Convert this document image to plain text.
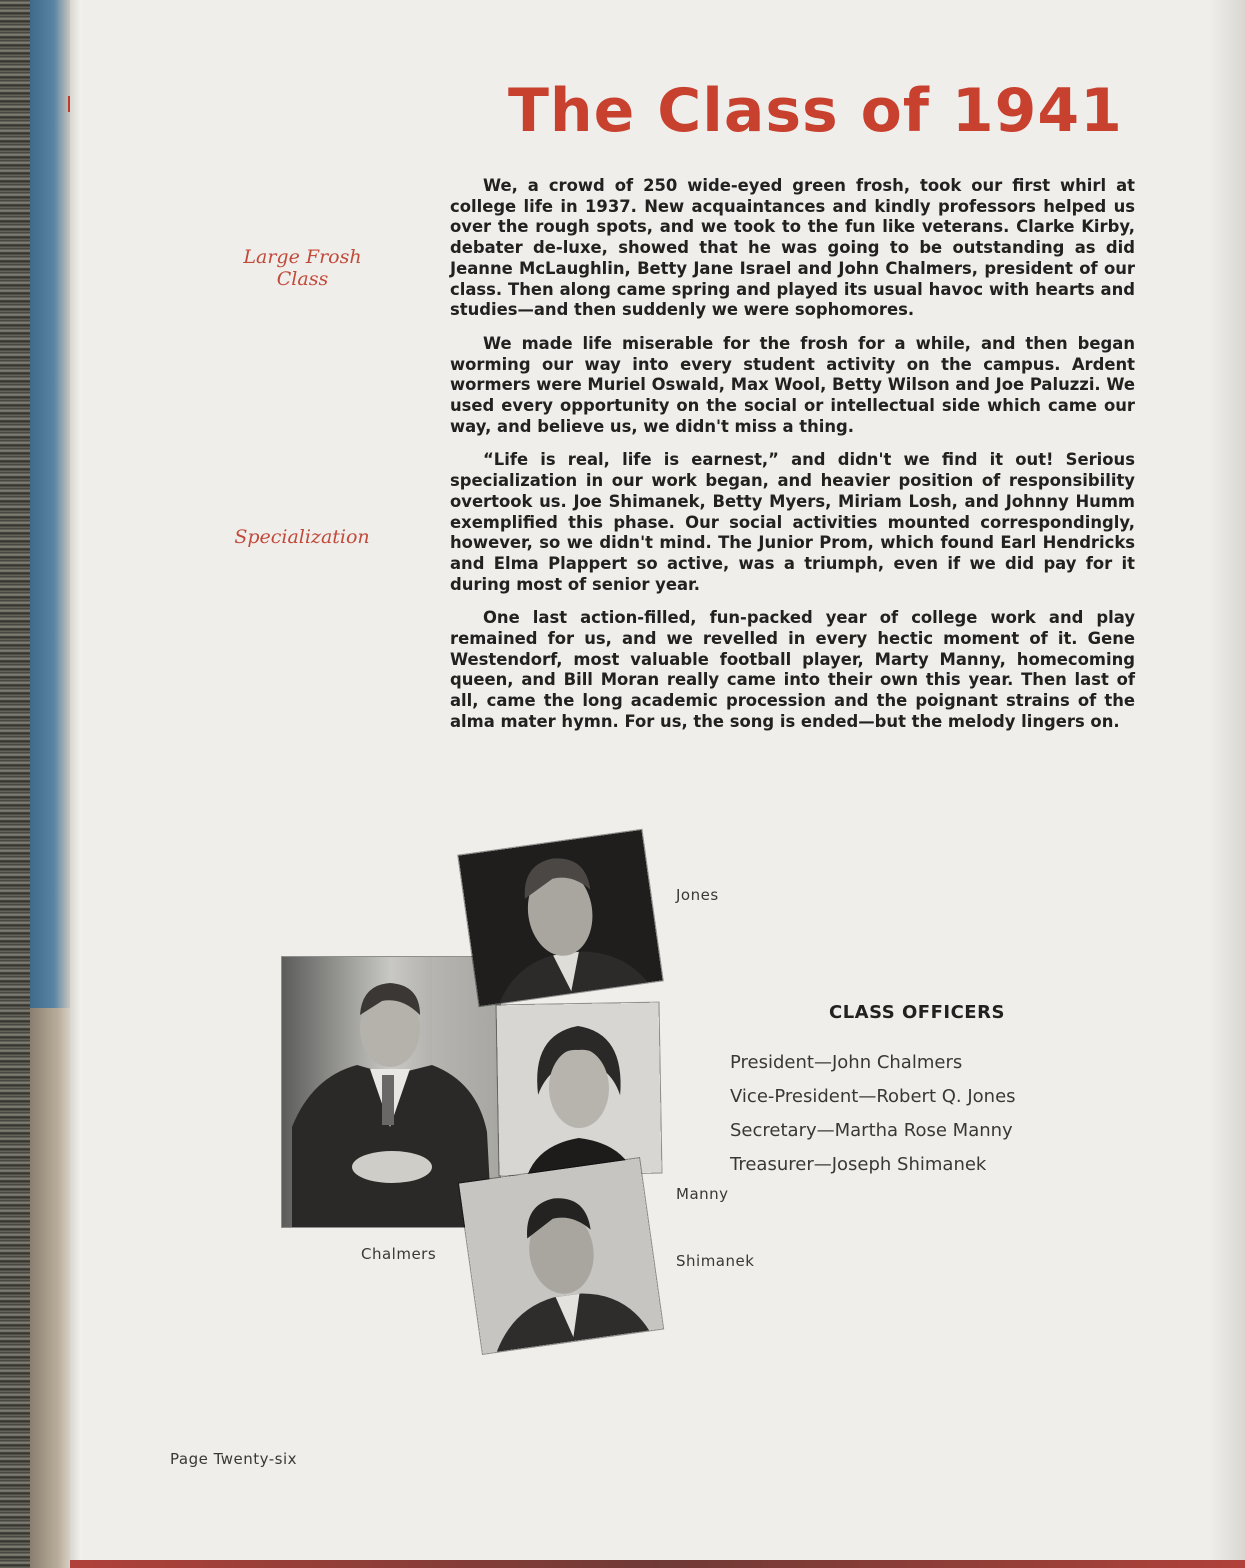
The Class of 1941
Large Frosh Class
Specialization

We, a crowd of 250 wide-eyed green frosh, took our first whirl at college life in 1937. New acquaintances and kindly professors helped us over the rough spots, and we took to the fun like veterans. Clarke Kirby, debater de-luxe, showed that he was going to be outstanding as did Jeanne McLaughlin, Betty Jane Israel and John Chalmers, president of our class. Then along came spring and played its usual havoc with hearts and studies—and then suddenly we were sophomores.

We made life miserable for the frosh for a while, and then began worming our way into every student activity on the campus. Ardent wormers were Muriel Oswald, Max Wool, Betty Wilson and Joe Paluzzi. We used every opportunity on the social or intellectual side which came our way, and believe us, we didn't miss a thing.

“Life is real, life is earnest,” and didn't we find it out! Serious specialization in our work began, and heavier position of responsibility overtook us. Joe Shimanek, Betty Myers, Miriam Losh, and Johnny Humm exemplified this phase. Our social activities mounted correspondingly, however, so we didn't mind. The Junior Prom, which found Earl Hendricks and Elma Plappert so active, was a triumph, even if we did pay for it during most of senior year.

One last action-filled, fun-packed year of college work and play remained for us, and we revelled in every hectic moment of it. Gene Westendorf, most valuable football player, Marty Manny, homecoming queen, and Bill Moran really came into their own this year. Then last of all, came the long academic procession and the poignant strains of the alma mater hymn. For us, the song is ended—but the melody lingers on.

Jones
Chalmers
Manny
Shimanek
CLASS OFFICERS
President—John Chalmers
Vice-President—Robert Q. Jones
Secretary—Martha Rose Manny
Treasurer—Joseph Shimanek
Page Twenty-six
